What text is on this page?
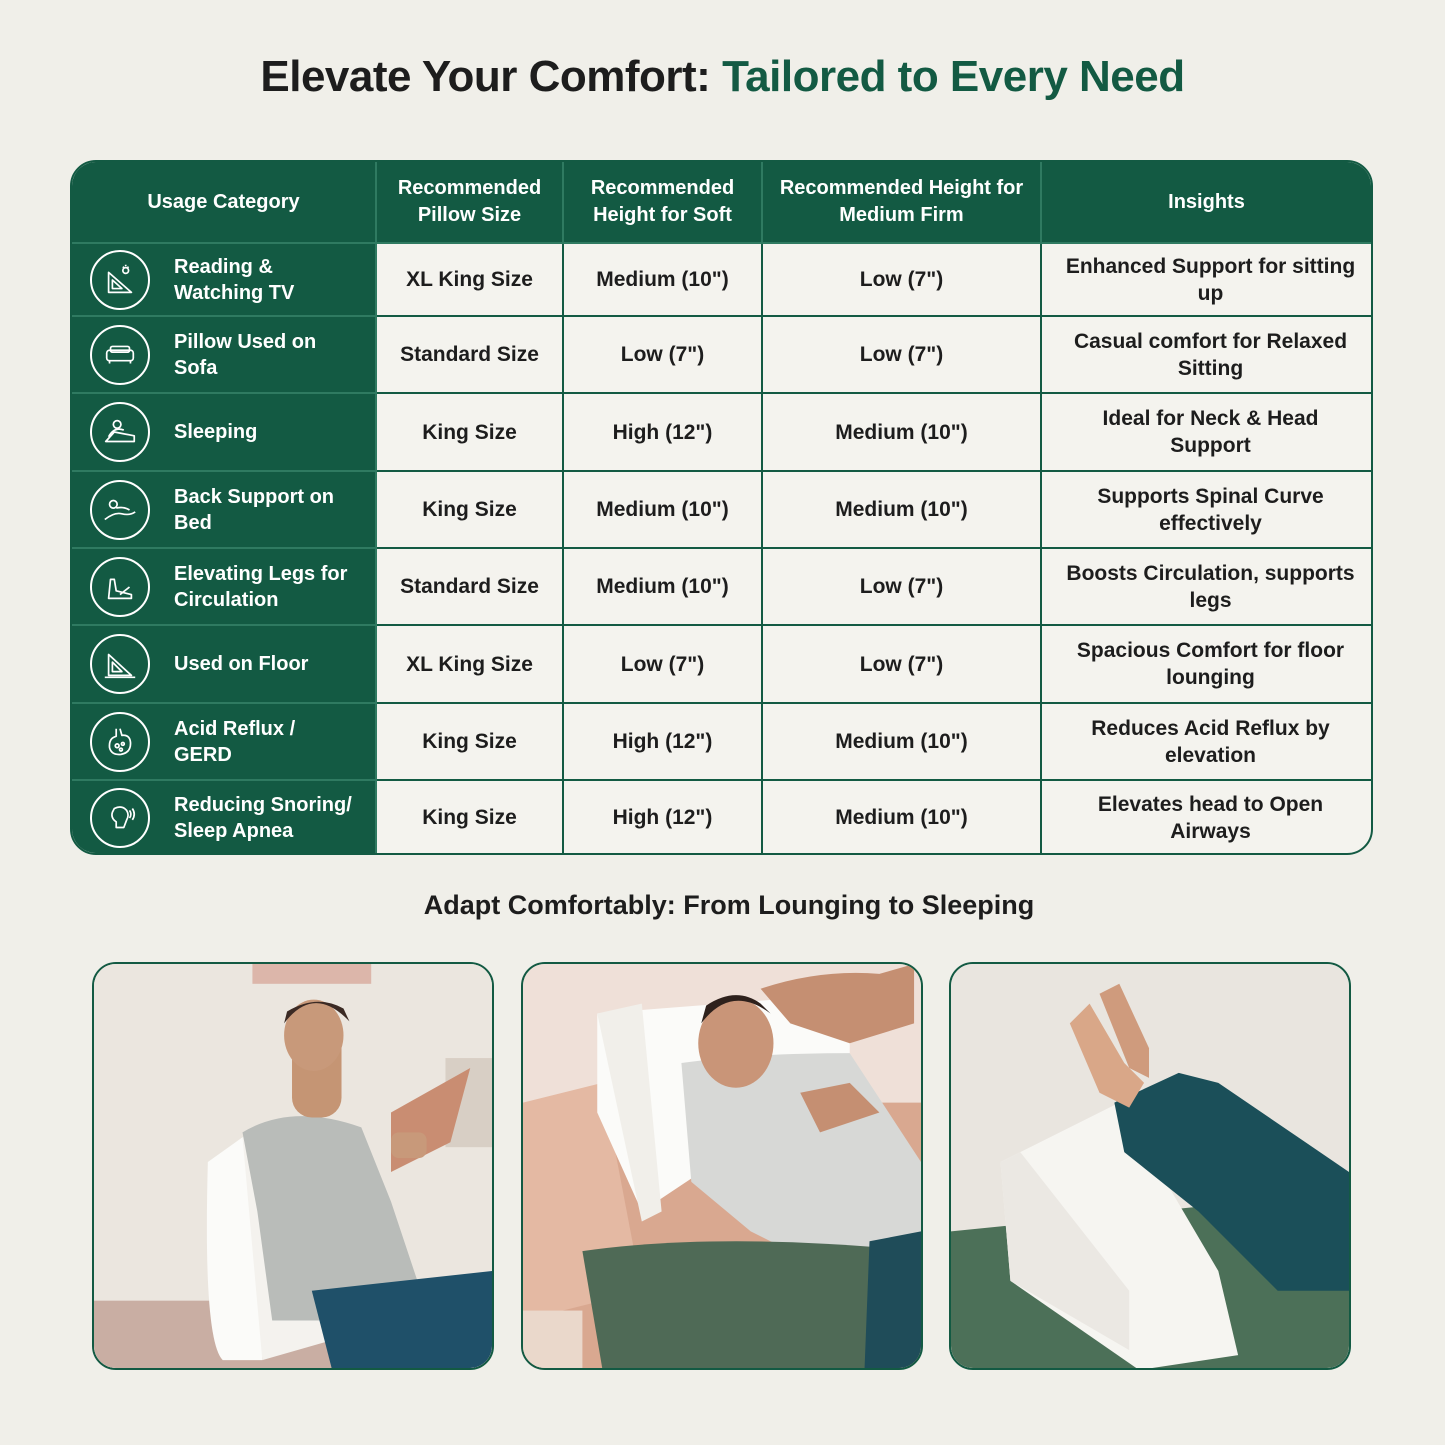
Elevate Your Comfort: Tailored to Every Need
Usage Category	Recommended Pillow Size	Recommended Height for Soft	Recommended Height for Medium Firm	Insights

Reading & Watching TV	XL King Size	Medium (10")	Low (7")	Enhanced Support for sitting up

Pillow Used on Sofa	Standard Size	Low (7")	Low (7")	Casual comfort for Relaxed Sitting

Sleeping	King Size	High (12")	Medium (10")	Ideal for Neck & Head Support

Back Support on Bed	King Size	Medium (10")	Medium (10")	Supports Spinal Curve effectively

Elevating Legs for Circulation	Standard Size	Medium (10")	Low (7")	Boosts Circulation, supports legs

Used on Floor	XL King Size	Low (7")	Low (7")	Spacious Comfort for floor lounging

Acid Reflux / GERD	King Size	High (12")	Medium (10")	Reduces Acid Reflux by elevation

Reducing Snoring/ Sleep Apnea	King Size	High (12")	Medium (10")	Elevates head to Open Airways
Adapt Comfortably: From Lounging to Sleeping
